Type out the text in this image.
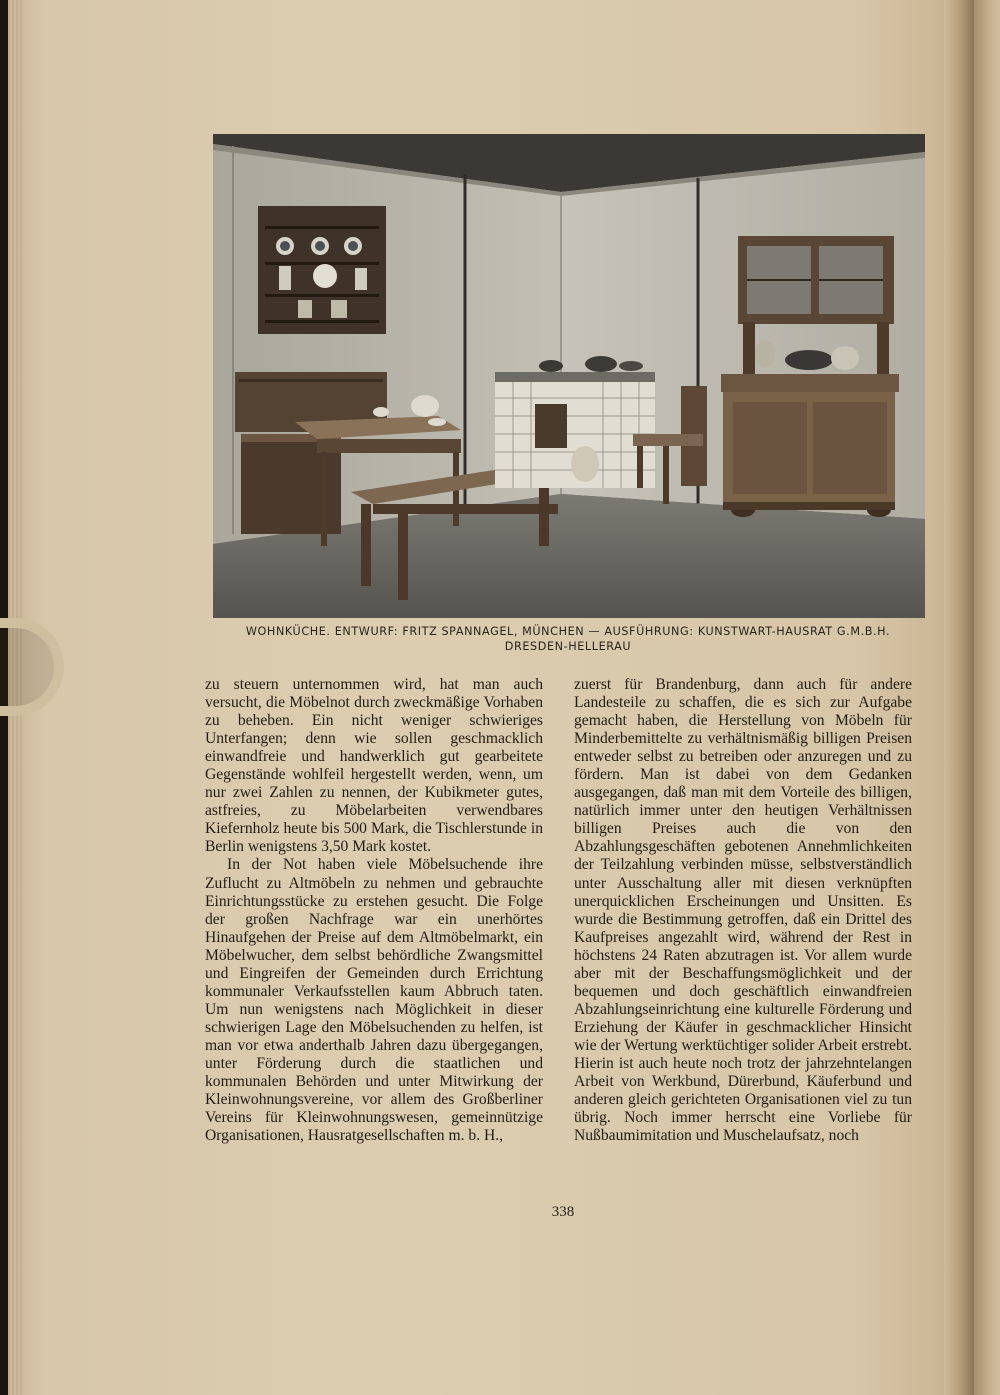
WOHNKÜCHE. ENTWURF: FRITZ SPANNAGEL, MÜNCHEN — AUSFÜHRUNG: KUNSTWART-HAUSRAT G.M.B.H.
DRESDEN-HELLERAU

zu steuern unternommen wird, hat man auch versucht, die Möbelnot durch zweckmäßige Vorhaben zu beheben. Ein nicht weniger schwieriges Unterfangen; denn wie sollen geschmacklich einwandfreie und handwerklich gut gearbeitete Gegenstände wohlfeil hergestellt werden, wenn, um nur zwei Zahlen zu nennen, der Kubikmeter gutes, astfreies, zu Möbelarbeiten verwendbares Kiefernholz heute bis 500 Mark, die Tischlerstunde in Berlin wenigstens 3,50 Mark kostet.

In der Not haben viele Möbelsuchende ihre Zuflucht zu Altmöbeln zu nehmen und gebrauchte Einrichtungsstücke zu erstehen gesucht. Die Folge der großen Nachfrage war ein unerhörtes Hinaufgehen der Preise auf dem Altmöbelmarkt, ein Möbelwucher, dem selbst behördliche Zwangsmittel und Eingreifen der Gemeinden durch Errichtung kommunaler Verkaufsstellen kaum Abbruch taten. Um nun wenigstens nach Möglichkeit in dieser schwierigen Lage den Möbelsuchenden zu helfen, ist man vor etwa anderthalb Jahren dazu übergegangen, unter Förderung durch die staatlichen und kommunalen Behörden und unter Mitwirkung der Kleinwohnungsvereine, vor allem des Großberliner Vereins für Kleinwohnungswesen, gemeinnützige Organisationen, Hausratgesellschaften m. b. H.,

zuerst für Brandenburg, dann auch für andere Landesteile zu schaffen, die es sich zur Aufgabe gemacht haben, die Herstellung von Möbeln für Minderbemittelte zu verhältnismäßig billigen Preisen entweder selbst zu betreiben oder anzuregen und zu fördern. Man ist dabei von dem Gedanken ausgegangen, daß man mit dem Vorteile des billigen, natürlich immer unter den heutigen Verhältnissen billigen Preises auch die von den Abzahlungsgeschäften gebotenen Annehmlichkeiten der Teilzahlung verbinden müsse, selbstverständlich unter Ausschaltung aller mit diesen verknüpften unerquicklichen Erscheinungen und Unsitten. Es wurde die Bestimmung getroffen, daß ein Drittel des Kaufpreises angezahlt wird, während der Rest in höchstens 24 Raten abzutragen ist. Vor allem wurde aber mit der Beschaffungsmöglichkeit und der bequemen und doch geschäftlich einwandfreien Abzahlungseinrichtung eine kulturelle Förderung und Erziehung der Käufer in geschmacklicher Hinsicht wie der Wertung werktüchtiger solider Arbeit erstrebt. Hierin ist auch heute noch trotz der jahrzehntelangen Arbeit von Werkbund, Dürerbund, Käuferbund und anderen gleich gerichteten Organisationen viel zu tun übrig. Noch immer herrscht eine Vorliebe für Nußbaumimitation und Muschelaufsatz, noch

338
